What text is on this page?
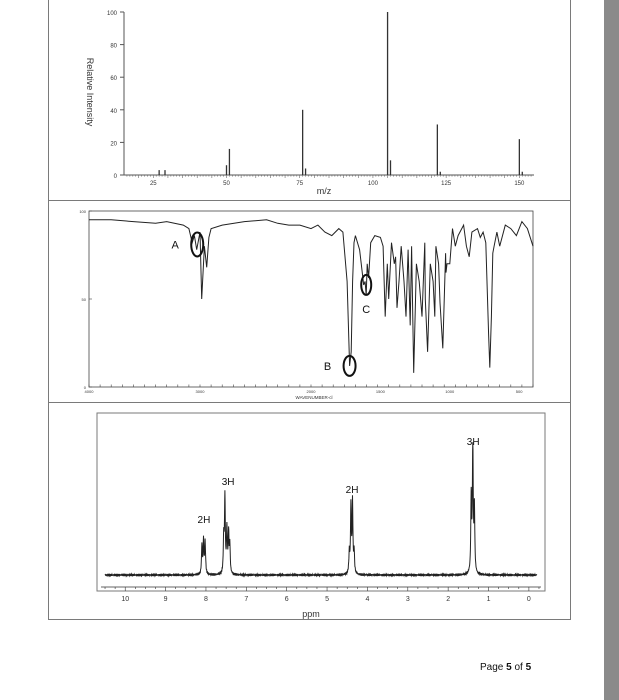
0
20
40
60
80
100
25	50	75	100	125	150
m/z
Relative Intensity
4000	3000	2000	1500	1000	500
0
50
100
A
B
C
WAVENUMBER-cl
10	9	8	7	6	5	4	3	2	1	0
2H
3H
2H
3H
ppm
Page 5 of 5
